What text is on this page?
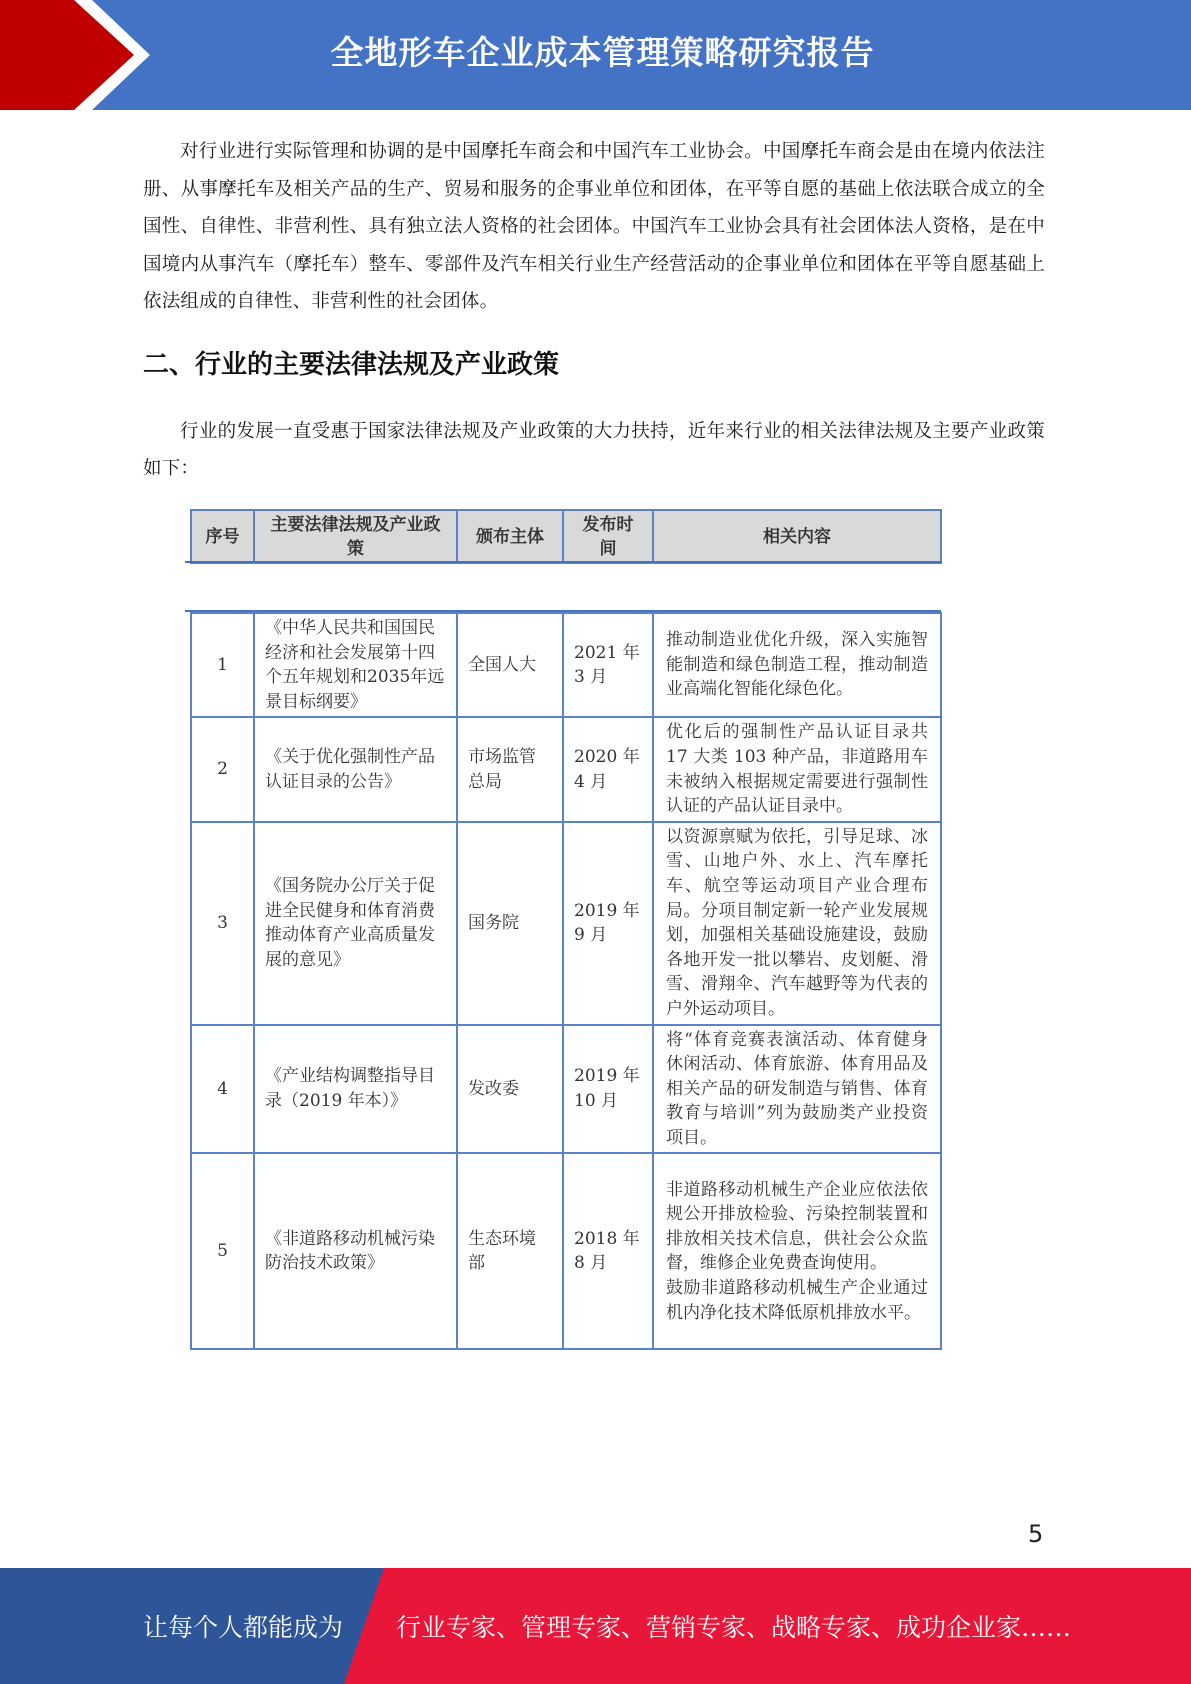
全地形车企业成本管理策略研究报告

对行业进行实际管理和协调的是中国摩托车商会和中国汽车工业协会。中国摩托车商会是由在境内依法注册、从事摩托车及相关产品的生产、贸易和服务的企事业单位和团体，在平等自愿的基础上依法联合成立的全国性、自律性、非营利性、具有独立法人资格的社会团体。中国汽车工业协会具有社会团体法人资格，是在中国境内从事汽车（摩托车）整车、零部件及汽车相关行业生产经营活动的企事业单位和团体在平等自愿基础上依法组成的自律性、非营利性的社会团体。

二、行业的主要法律法规及产业政策

行业的发展一直受惠于国家法律法规及产业政策的大力扶持，近年来行业的相关法律法规及主要产业政策如下：

序号	主要法律法规及产业政策	颁布主体	发布时间	相关内容
1	《中华人民共和国国民经济和社会发展第十四个五年规划和2035年远景目标纲要》	全国人大	2021 年 3 月	推动制造业优化升级，深入实施智能制造和绿色制造工程，推动制造业高端化智能化绿色化。
2	《关于优化强制性产品认证目录的公告》	市场监管总局	2020 年 4 月	优化后的强制性产品认证目录共 17 大类 103 种产品，非道路用车未被纳入根据规定需要进行强制性认证的产品认证目录中。
3	《国务院办公厅关于促进全民健身和体育消费推动体育产业高质量发展的意见》	国务院	2019 年 9 月	以资源禀赋为依托，引导足球、冰雪、山地户外、水上、汽车摩托车、航空等运动项目产业合理布局。分项目制定新一轮产业发展规划，加强相关基础设施建设，鼓励各地开发一批以攀岩、皮划艇、滑雪、滑翔伞、汽车越野等为代表的户外运动项目。
4	《产业结构调整指导目录（2019 年本）》	发改委	2019 年 10 月	将“体育竞赛表演活动、体育健身休闲活动、体育旅游、体育用品及相关产品的研发制造与销售、体育教育与培训”列为鼓励类产业投资项目。
5	《非道路移动机械污染防治技术政策》	生态环境部	2018 年 8 月	非道路移动机械生产企业应依法依规公开排放检验、污染控制装置和排放相关技术信息，供社会公众监督，维修企业免费查询使用。
鼓励非道路移动机械生产企业通过机内净化技术降低原机排放水平。
5
让每个人都能成为 行业专家、管理专家、营销专家、战略专家、成功企业家……
